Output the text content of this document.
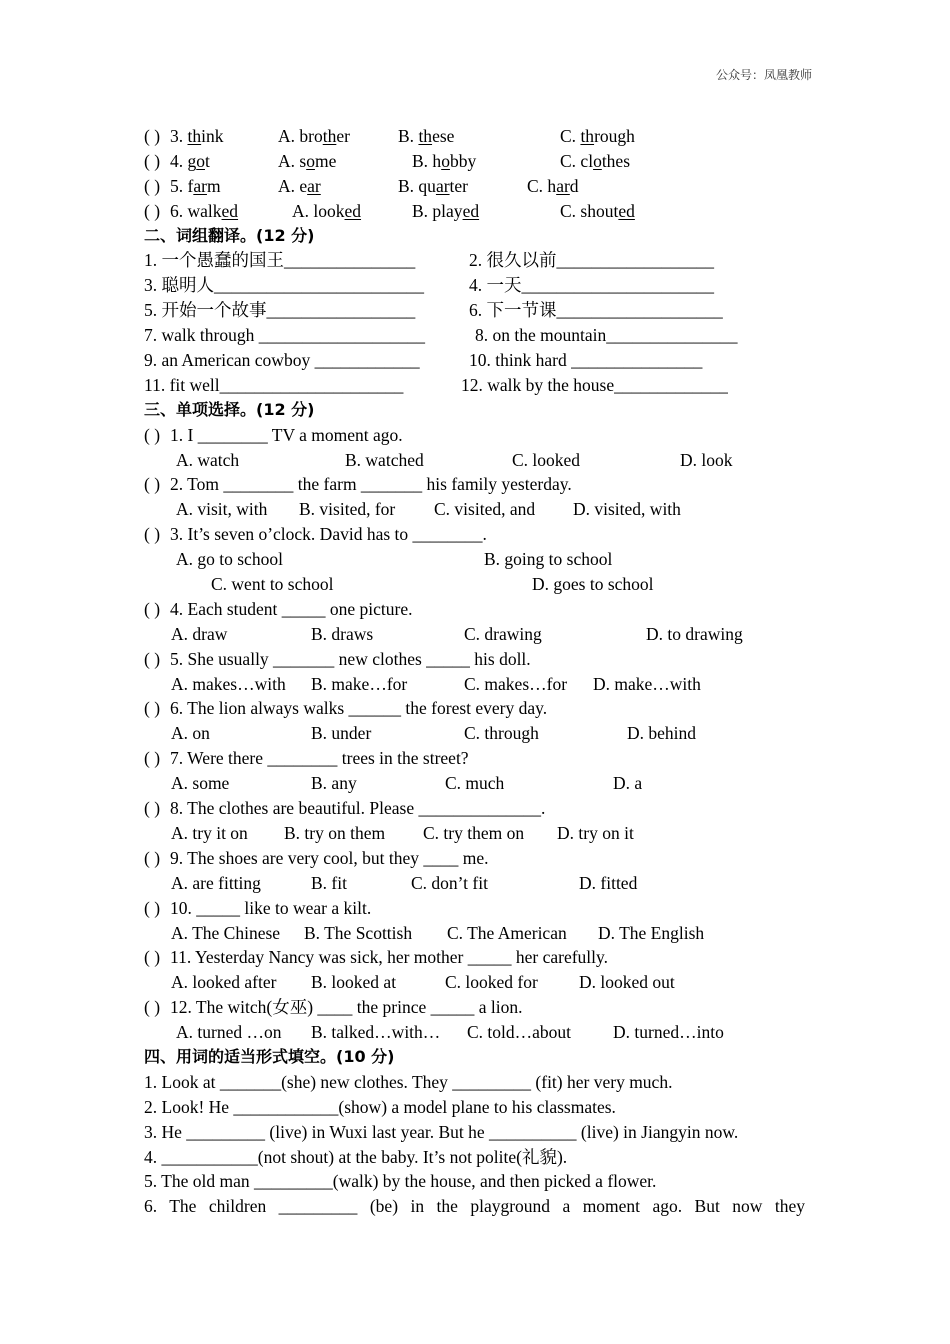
公众号：凤凰教师
( ) 3. think	A. brother	B. these	C. through
( ) 4. got	A. some	B. hobby	C. clothes
( ) 5. farm	A. ear	B. quarter	C. hard
( ) 6. walked	A. looked	B. played	C. shouted
二、词组翻译。(12 分)
1. 一个愚蠢的国王_______________	2. 很久以前__________________
3. 聪明人________________________	4. 一天______________________
5. 开始一个故事_________________	6. 下一节课___________________
7. walk through ___________________	8. on the mountain_______________
9. an American cowboy ____________	10. think hard _______________
11. fit well_____________________	12. walk by the house_____________
三、单项选择。(12 分)
( ) 1. I ________ TV a moment ago.
A. watch	B. watched	C. looked	D. look
( ) 2. Tom ________ the farm _______ his family yesterday.
A. visit, with B. visited, for C. visited, and D. visited, with
( ) 3. It’s seven o’clock. David has to ________.
A. go to school	B. going to school
C. went to school	D. goes to school
( ) 4. Each student _____ one picture.
A. draw	B. draws	C. drawing	D. to drawing
( ) 5. She usually _______ new clothes _____ his doll.
A. makes…with B. make…for	C. makes…for D. make…with
( ) 6. The lion always walks ______ the forest every day.
A. on	B. under	C. through	D. behind
( ) 7. Were there ________ trees in the street?
A. some	B. any	C. much	D. a
( ) 8. The clothes are beautiful. Please ______________.
A. try it on B. try on them C. try them on D. try on it
( ) 9. The shoes are very cool, but they ____ me.
A. are fitting	B. fit	C. don’t fit	D. fitted
( ) 10. _____ like to wear a kilt.
A. The Chinese B. The Scottish C. The American D. The English
( ) 11. Yesterday Nancy was sick, her mother _____ her carefully.
A. looked after B. looked at	C. looked for D. looked out
( ) 12. The witch(女巫) ____ the prince _____ a lion.
A. turned …on B. talked…with… C. told…about D. turned…into
四、用词的适当形式填空。(10 分)
1. Look at _______(she) new clothes. They _________ (fit) her very much.
2. Look! He ____________(show) a model plane to his classmates.
3. He _________ (live) in Wuxi last year. But he __________ (live) in Jiangyin now.
4. ___________(not shout) at the baby. It’s not polite(礼貌).
5. The old man _________(walk) by the house, and then picked a flower.
6. The children _________ (be) in the playground a moment ago. But now they
